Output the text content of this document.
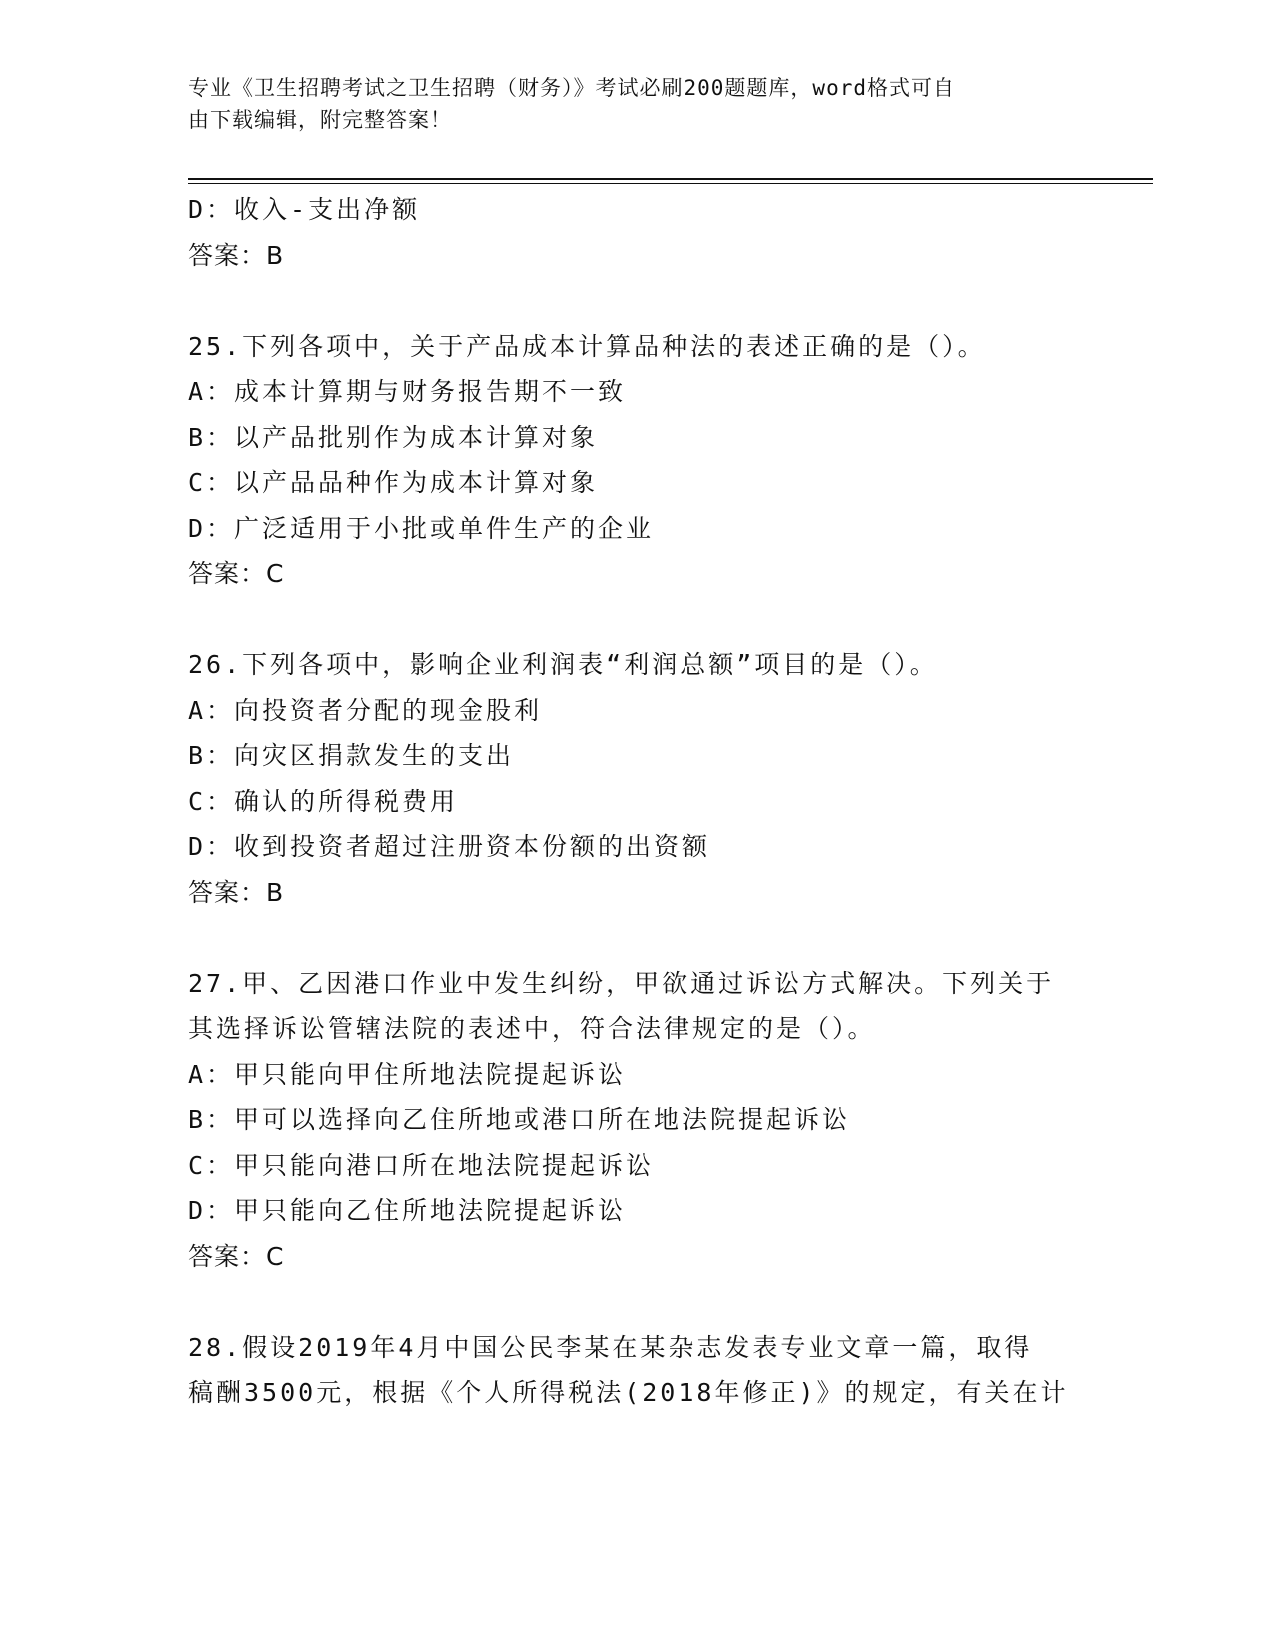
专业《卫生招聘考试之卫生招聘（财务）》考试必刷200题题库，word格式可自
由下载编辑，附完整答案！
D：收入-支出净额
答案：B
25.下列各项中，关于产品成本计算品种法的表述正确的是（）。
A：成本计算期与财务报告期不一致
B：以产品批别作为成本计算对象
C：以产品品种作为成本计算对象
D：广泛适用于小批或单件生产的企业
答案：C
26.下列各项中，影响企业利润表“利润总额”项目的是（）。
A：向投资者分配的现金股利
B：向灾区捐款发生的支出
C：确认的所得税费用
D：收到投资者超过注册资本份额的出资额
答案：B
27.甲、乙因港口作业中发生纠纷，甲欲通过诉讼方式解决。下列关于
其选择诉讼管辖法院的表述中，符合法律规定的是（）。
A：甲只能向甲住所地法院提起诉讼
B：甲可以选择向乙住所地或港口所在地法院提起诉讼
C：甲只能向港口所在地法院提起诉讼
D：甲只能向乙住所地法院提起诉讼
答案：C
28.假设2019年4月中国公民李某在某杂志发表专业文章一篇，取得
稿酬3500元，根据《个人所得税法(2018年修正)》的规定，有关在计
